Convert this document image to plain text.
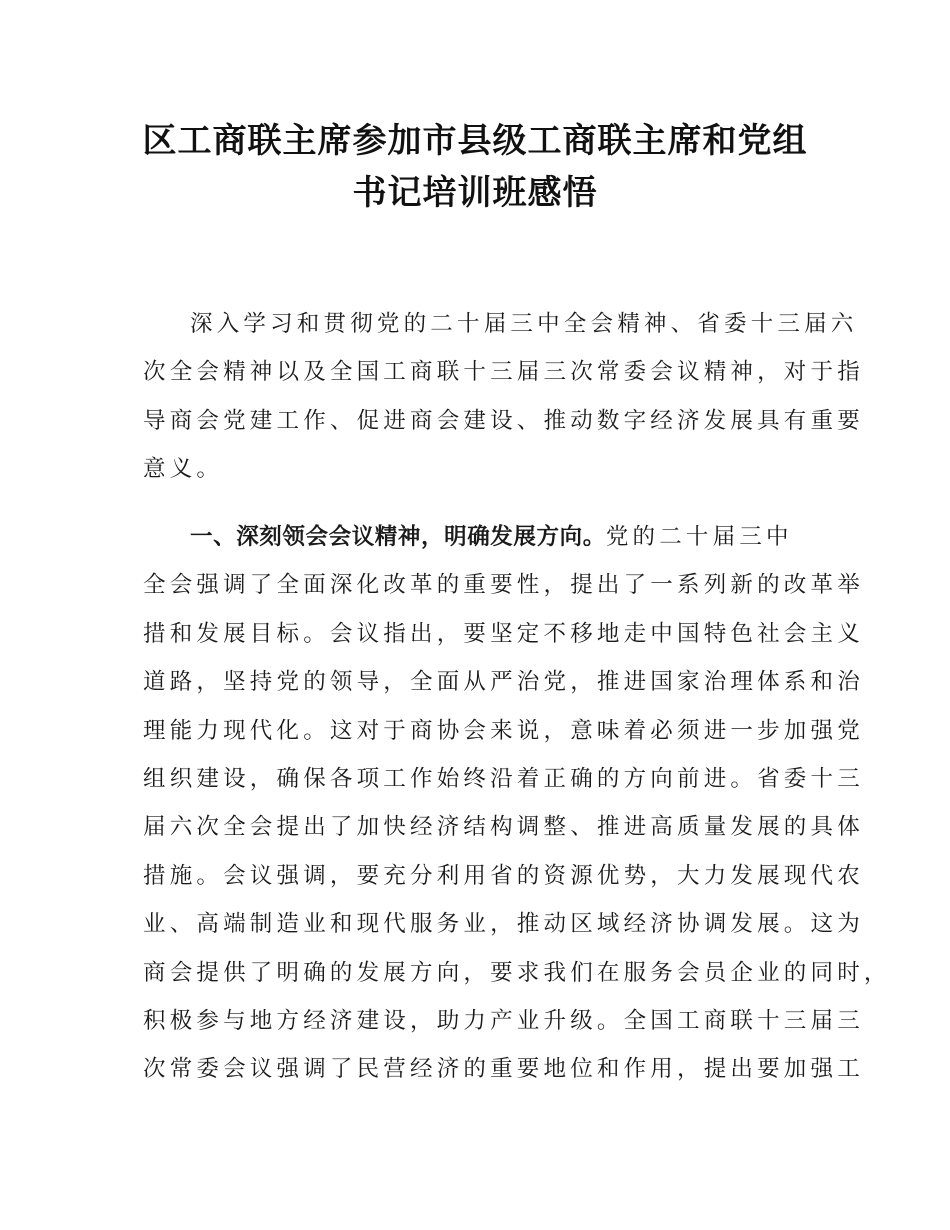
区工商联主席参加市县级工商联主席和党组
书记培训班感悟
深入学习和贯彻党的二十届三中全会精神、省委十三届六
次全会精神以及全国工商联十三届三次常委会议精神，对于指
导商会党建工作、促进商会建设、推动数字经济发展具有重要
意义。
一、深刻领会会议精神，明确发展方向。党的二十届三中
全会强调了全面深化改革的重要性，提出了一系列新的改革举
措和发展目标。会议指出，要坚定不移地走中国特色社会主义
道路，坚持党的领导，全面从严治党，推进国家治理体系和治
理能力现代化。这对于商协会来说，意味着必须进一步加强党
组织建设，确保各项工作始终沿着正确的方向前进。省委十三
届六次全会提出了加快经济结构调整、推进高质量发展的具体
措施。会议强调，要充分利用省的资源优势，大力发展现代农
业、高端制造业和现代服务业，推动区域经济协调发展。这为
商会提供了明确的发展方向，要求我们在服务会员企业的同时，
积极参与地方经济建设，助力产业升级。全国工商联十三届三
次常委会议强调了民营经济的重要地位和作用，提出要加强工
